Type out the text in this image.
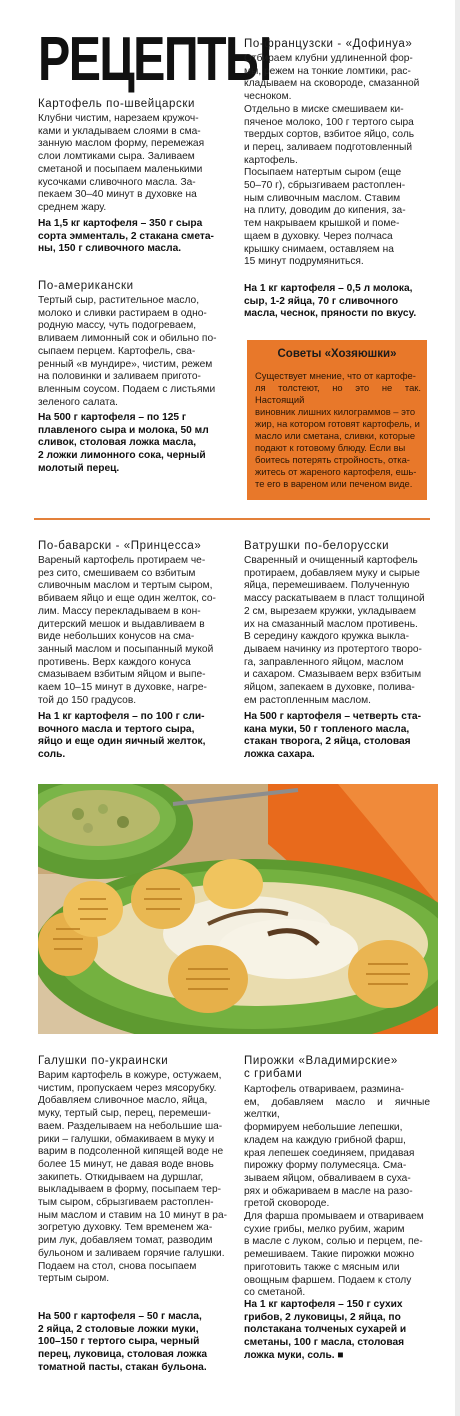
РЕЦЕПТЫ
Картофель по-швейцарски
Клубни чистим, нарезаем кружоч-
ками и укладываем слоями в сма-
занную маслом форму, перемежая
слои ломтиками сыра. Заливаем
сметаной и посыпаем маленькими
кусочками сливочного масла. За-
пекаем 30–40 минут в духовке на
среднем жару.
На 1,5 кг картофеля – 350 г сыра
сорта эмменталь, 2 стакана смета-
ны, 150 г сливочного масла.
По-американски
Тертый сыр, растительное масло,
молоко и сливки растираем в одно-
родную массу, чуть подогреваем,
вливаем лимонный сок и обильно по-
сыпаем перцем. Картофель, сва-
ренный «в мундире», чистим, режем
на половинки и заливаем пригото-
вленным соусом. Подаем с листьями
зеленого салата.
На 500 г картофеля – по 125 г
плавленого сыра и молока, 50 мл
сливок, столовая ложка масла,
2 ложки лимонного сока, черный
молотый перец.
По-французски - «Дофинуа»
Отбираем клубни удлиненной фор-
мы, режем на тонкие ломтики, рас-
кладываем на сковороде, смазанной
чесноком.
Отдельно в миске смешиваем ки-
пяченое молоко, 100 г тертого сыра
твердых сортов, взбитое яйцо, соль
и перец, заливаем подготовленный
картофель.
Посыпаем натертым сыром (еще
50–70 г), сбрызгиваем растоплен-
ным сливочным маслом. Ставим
на плиту, доводим до кипения, за-
тем накрываем крышкой и поме-
щаем в духовку. Через полчаса
крышку снимаем, оставляем на
15 минут подрумяниться.
На 1 кг картофеля – 0,5 л молока,
сыр, 1-2 яйца, 70 г сливочного
масла, чеснок, пряности по вкусу.
Советы «Хозяюшки»
Существует мнение, что от картофе-
ля толстеют, но это не так. Настоящий
виновник лишних килограммов – это
жир, на котором готовят картофель, и
масло или сметана, сливки, которые
подают к готовому блюду. Если вы
боитесь потерять стройность, отка-
житесь от жареного картофеля, ешь-
те его в вареном или печеном виде.
По-баварски - «Принцесса»
Вареный картофель протираем че-
рез сито, смешиваем со взбитым
сливочным маслом и тертым сыром,
вбиваем яйцо и еще один желток, со-
лим. Массу перекладываем в кон-
дитерский мешок и выдавливаем в
виде небольших конусов на сма-
занный маслом и посыпанный мукой
противень. Верх каждого конуса
смазываем взбитым яйцом и выпе-
каем 10–15 минут в духовке, нагре-
той до 150 градусов.
На 1 кг картофеля – по 100 г сли-
вочного масла и тертого сыра,
яйцо и еще один яичный желток,
соль.
Ватрушки по-белорусски
Сваренный и очищенный картофель
протираем, добавляем муку и сырые
яйца, перемешиваем. Полученную
массу раскатываем в пласт толщиной
2 см, вырезаем кружки, укладываем
их на смазанный маслом противень.
В середину каждого кружка выкла-
дываем начинку из протертого творо-
га, заправленного яйцом, маслом
и сахаром. Смазываем верх взбитым
яйцом, запекаем в духовке, полива-
ем растопленным маслом.
На 500 г картофеля – четверть ста-
кана муки, 50 г топленого масла,
стакан творога, 2 яйца, столовая
ложка сахара.
Галушки по-украински
Варим картофель в кожуре, остужаем,
чистим, пропускаем через мясорубку.
Добавляем сливочное масло, яйца,
муку, тертый сыр, перец, перемеши-
ваем. Разделываем на небольшие ша-
рики – галушки, обмакиваем в муку и
варим в подсоленной кипящей воде не
более 15 минут, не давая воде вновь
закипеть. Откидываем на дуршлаг,
выкладываем в форму, посыпаем тер-
тым сыром, сбрызгиваем растоплен-
ным маслом и ставим на 10 минут в ра-
зогретую духовку. Тем временем жа-
рим лук, добавляем томат, разводим
бульоном и заливаем горячие галушки.
Подаем на стол, снова посыпаем
тертым сыром.
На 500 г картофеля – 50 г масла,
2 яйца, 2 столовые ложки муки,
100–150 г тертого сыра, черный
перец, луковица, столовая ложка
томатной пасты, стакан бульона.
Пирожки «Владимирские»
с грибами
Картофель отвариваем, размина-
ем, добавляем масло и яичные желтки,
формируем небольшие лепешки,
кладем на каждую грибной фарш,
края лепешек соединяем, придавая
пирожку форму полумесяца. Сма-
зываем яйцом, обваливаем в суха-
рях и обжариваем в масле на разо-
гретой сковороде.
Для фарша промываем и отвариваем
сухие грибы, мелко рубим, жарим
в масле с луком, солью и перцем, пе-
ремешиваем. Такие пирожки можно
приготовить также с мясным или
овощным фаршем. Подаем к столу
со сметаной.
На 1 кг картофеля – 150 г сухих
грибов, 2 луковицы, 2 яйца, по
полстакана толченых сухарей и
сметаны, 100 г масла, столовая
ложка муки, соль. ■
